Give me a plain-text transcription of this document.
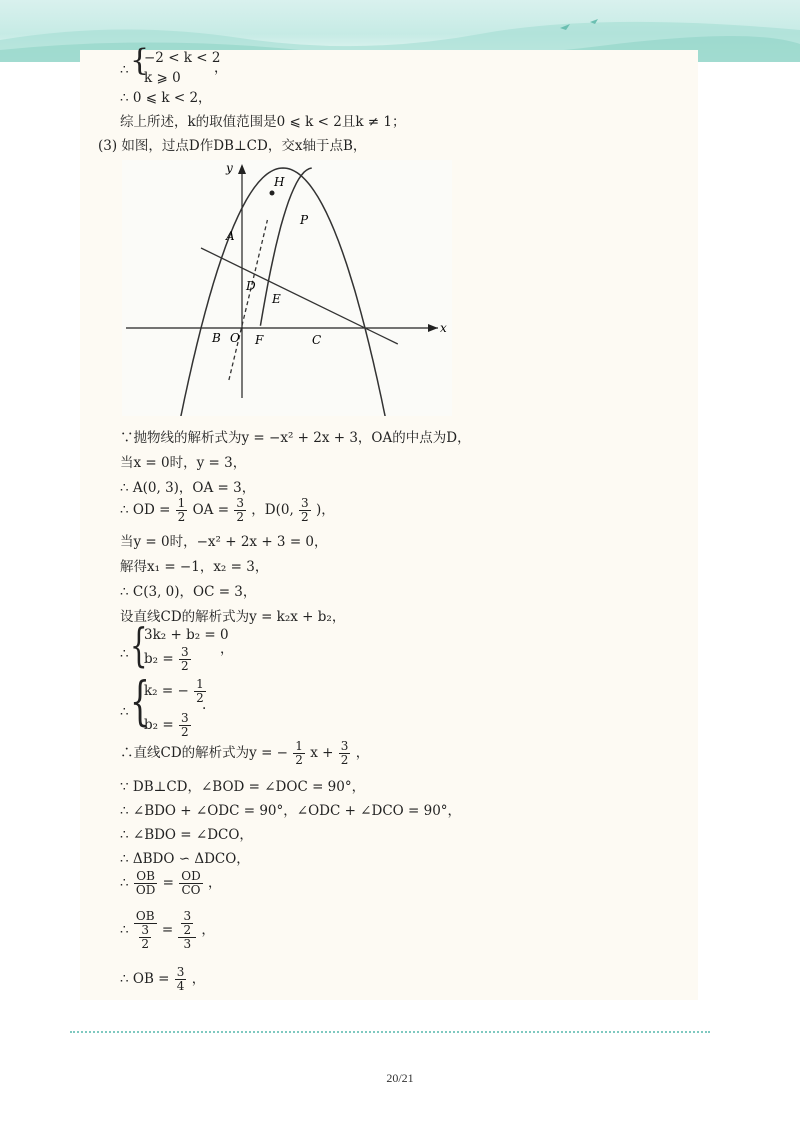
∴ {
−2 < k < 2
k ⩾ 0
，
∴ 0 ⩽ k < 2，
综上所述，k的取值范围是0 ⩽ k < 2且k ≠ 1；
(3) 如图，过点D作DB⊥CD，交x轴于点B，
y
x
H
P
A
D
E
B O F	C
∵抛物线的解析式为y = −x² + 2x + 3，OA的中点为D，
当x = 0时，y = 3，
∴ A(0, 3)，OA = 3，
∴ OD = $\frac{1}{2}$ OA = $\frac{3}{2}$ ，D(0, $\frac{3}{2}$ )，
当y = 0时，−x² + 2x + 3 = 0，
解得x₁ = −1，x₂ = 3，
∴ C(3, 0)，OC = 3，
设直线CD的解析式为y = k₂x + b₂，
∴ {
3k₂ + b₂ = 0
$b_2 = \frac{3}{2}$ ，
∴ {
k₂ = − $\frac{1}{2}$
$b_2 = \frac{3}{2}$
.
∴直线CD的解析式为y = − $\frac{1}{2}$ $x + \frac{3}{2}$ ，
∵ DB⊥CD，∠BOD = ∠DOC = 90°，
∴ ∠BDO + ∠ODC = 90°，∠ODC + ∠DCO = 90°，
∴ ∠BDO = ∠DCO，
∴ ΔBDO ∽ ΔDCO，
∴ $\frac{OB}{OD} = \frac{OD}{CO}$ ，
∴ $\frac{OB}{\frac{3}{2}} = \frac{\frac{3}{2}}{3}$ ，
∴ OB = $\frac{3}{4}$ ，
20/21
